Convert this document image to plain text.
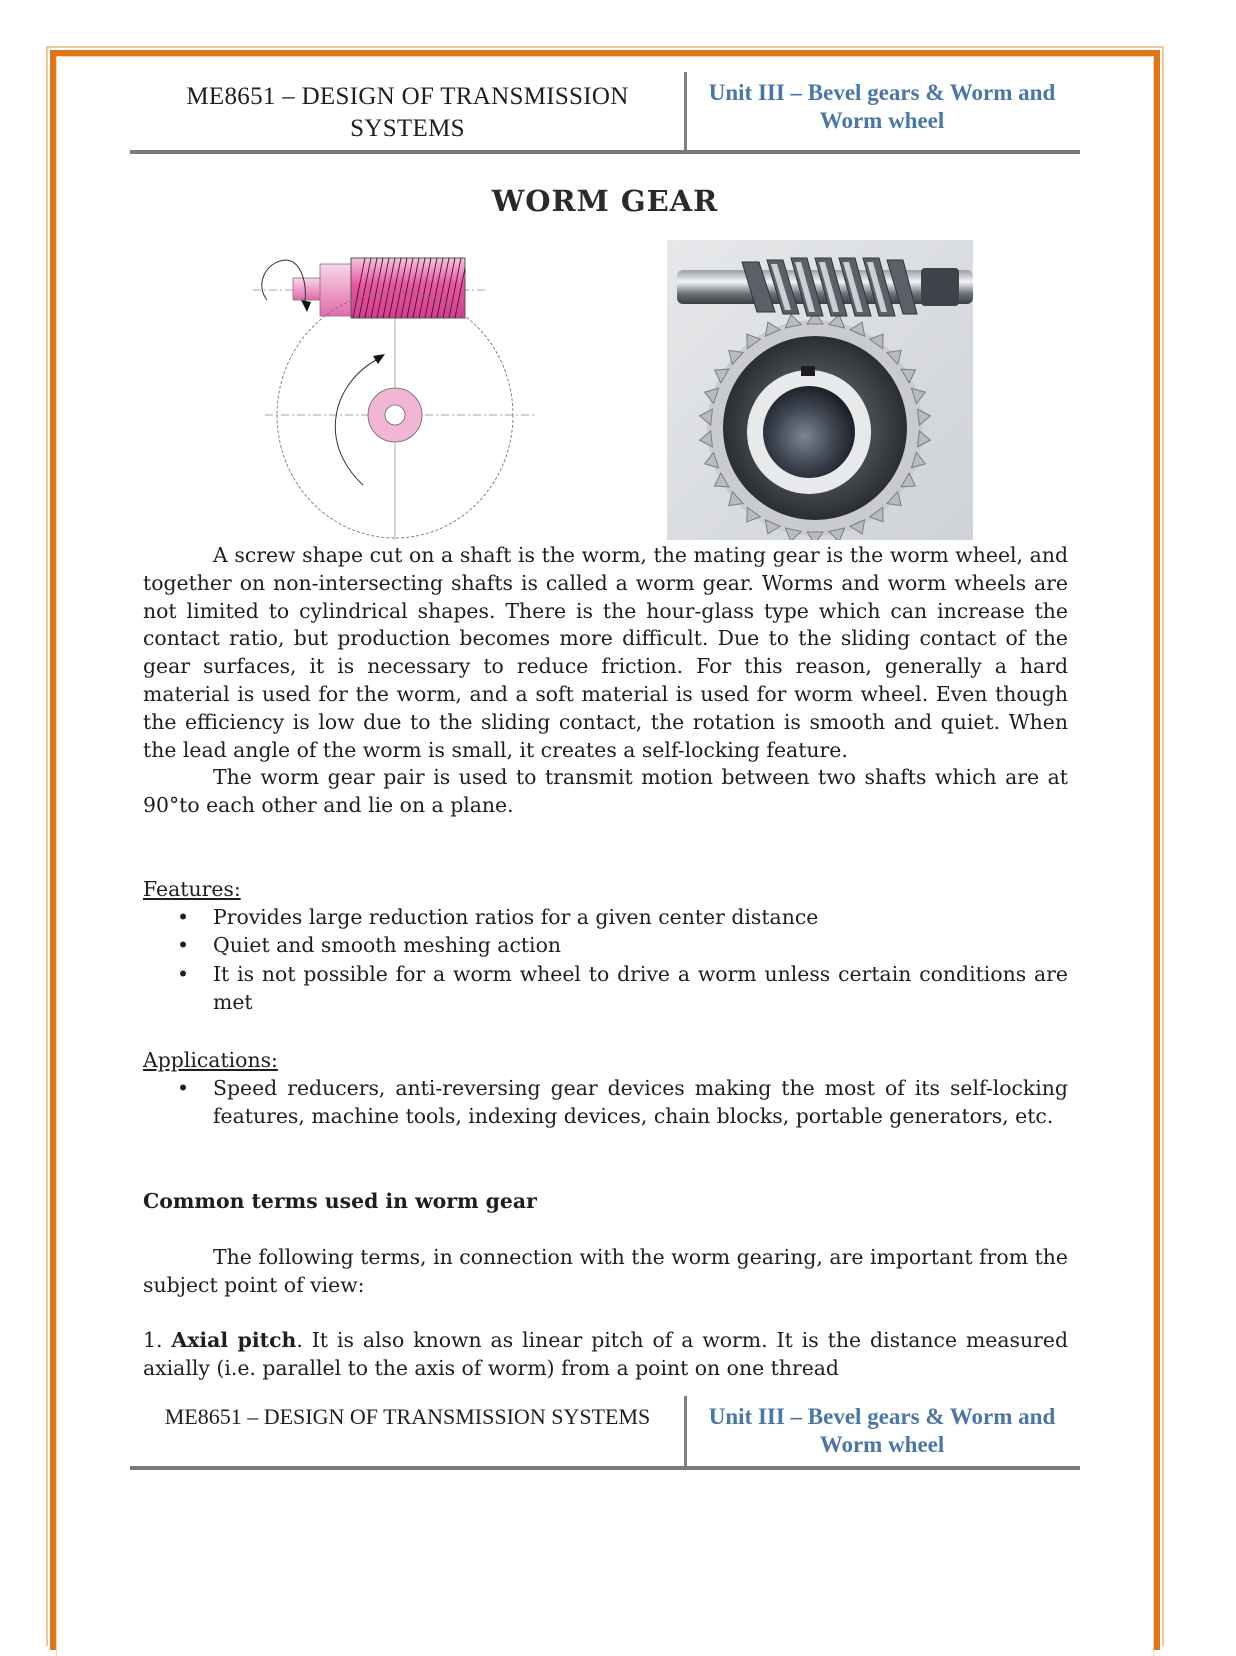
ME8651 – DESIGN OF TRANSMISSION
SYSTEMS
Unit III – Bevel gears & Worm and
Worm wheel
WORM GEAR

A screw shape cut on a shaft is the worm, the mating gear is the worm wheel, and together on non-intersecting shafts is called a worm gear. Worms and worm wheels are not limited to cylindrical shapes. There is the hour-glass type which can increase the contact ratio, but production becomes more difficult. Due to the sliding contact of the gear surfaces, it is necessary to reduce friction. For this reason, generally a hard material is used for the worm, and a soft material is used for worm wheel. Even though the efficiency is low due to the sliding contact, the rotation is smooth and quiet. When the lead angle of the worm is small, it creates a self-locking feature.

The worm gear pair is used to transmit motion between two shafts which are at 90°to each other and lie on a plane.

Features:

• Provides large reduction ratios for a given center distance
• Quiet and smooth meshing action
• It is not possible for a worm wheel to drive a worm unless certain conditions are met

Applications:

• Speed reducers, anti-reversing gear devices making the most of its self-locking features, machine tools, indexing devices, chain blocks, portable generators, etc.

Common terms used in worm gear

The following terms, in connection with the worm gearing, are important from the subject point of view:

1. Axial pitch. It is also known as linear pitch of a worm. It is the distance measured axially (i.e. parallel to the axis of worm) from a point on one thread

ME8651 – DESIGN OF TRANSMISSION SYSTEMS	Unit III – Bevel gears & Worm and
Worm wheel
